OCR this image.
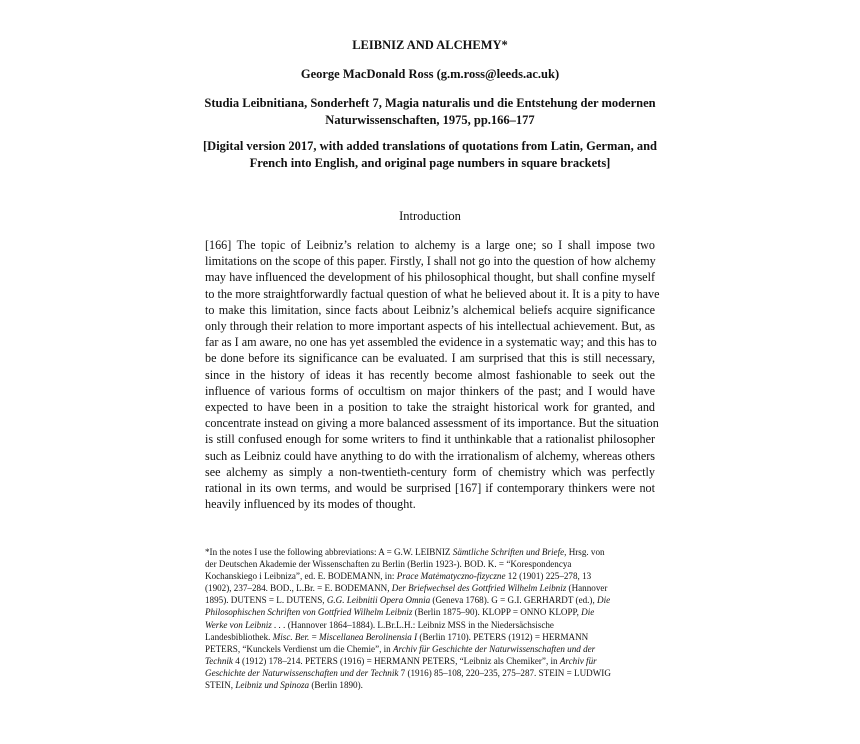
LEIBNIZ AND ALCHEMY*
George MacDonald Ross (g.m.ross@leeds.ac.uk)
Studia Leibnitiana, Sonderheft 7, Magia naturalis und die Entstehung der modernen
Naturwissenschaften, 1975, pp.166–177
[Digital version 2017, with added translations of quotations from Latin, German, and
French into English, and original page numbers in square brackets]
Introduction
[166] The topic of Leibniz’s relation to alchemy is a large one; so I shall impose two
limitations on the scope of this paper. Firstly, I shall not go into the question of how alchemy
may have influenced the development of his philosophical thought, but shall confine myself
to the more straightforwardly factual question of what he believed about it. It is a pity to have
to make this limitation, since facts about Leibniz’s alchemical beliefs acquire significance
only through their relation to more important aspects of his intellectual achievement. But, as
far as I am aware, no one has yet assembled the evidence in a systematic way; and this has to
be done before its significance can be evaluated. I am surprised that this is still necessary,
since in the history of ideas it has recently become almost fashionable to seek out the
influence of various forms of occultism on major thinkers of the past; and I would have
expected to have been in a position to take the straight historical work for granted, and
concentrate instead on giving a more balanced assessment of its importance. But the situation
is still confused enough for some writers to find it unthinkable that a rationalist philosopher
such as Leibniz could have anything to do with the irrationalism of alchemy, whereas others
see alchemy as simply a non-twentieth-century form of chemistry which was perfectly
rational in its own terms, and would be surprised [167] if contemporary thinkers were not
heavily influenced by its modes of thought.
*In the notes I use the following abbreviations: A = G.W. LEIBNIZ Sämtliche Schriften und Briefe, Hrsg. von
der Deutschen Akademie der Wissenschaften zu Berlin (Berlin 1923-). BOD. K. = “Korespondencya
Kochanskiego i Leibniza”, ed. E. BODEMANN, in: Prace Matėmatyczno-fizyczne 12 (1901) 225–278, 13
(1902), 237–284. BOD., L.Br. = E. BODEMANN, Der Briefwechsel des Gottfried Wilhelm Leibniz (Hannover
1895). DUTENS = L. DUTENS, G.G. Leibnitii Opera Omnia (Geneva 1768). G = G.I. GERHARDT (ed.), Die
Philosophischen Schriften von Gottfried Wilhelm Leibniz (Berlin 1875–90). KLOPP = ONNO KLOPP, Die
Werke von Leibniz . . . (Hannover 1864–1884). L.Br.L.H.: Leibniz MSS in the Niedersächsische
Landesbibliothek. Misc. Ber. = Miscellanea Berolinensia I (Berlin 1710). PETERS (1912) = HERMANN
PETERS, “Kunckels Verdienst um die Chemie”, in Archiv für Geschichte der Naturwissenschaften und der
Technik 4 (1912) 178–214. PETERS (1916) = HERMANN PETERS, “Leibniz als Chemiker”, in Archiv für
Geschichte der Naturwissenschaften und der Technik 7 (1916) 85–108, 220–235, 275–287. STEIN = LUDWIG
STEIN, Leibniz und Spinoza (Berlin 1890).
